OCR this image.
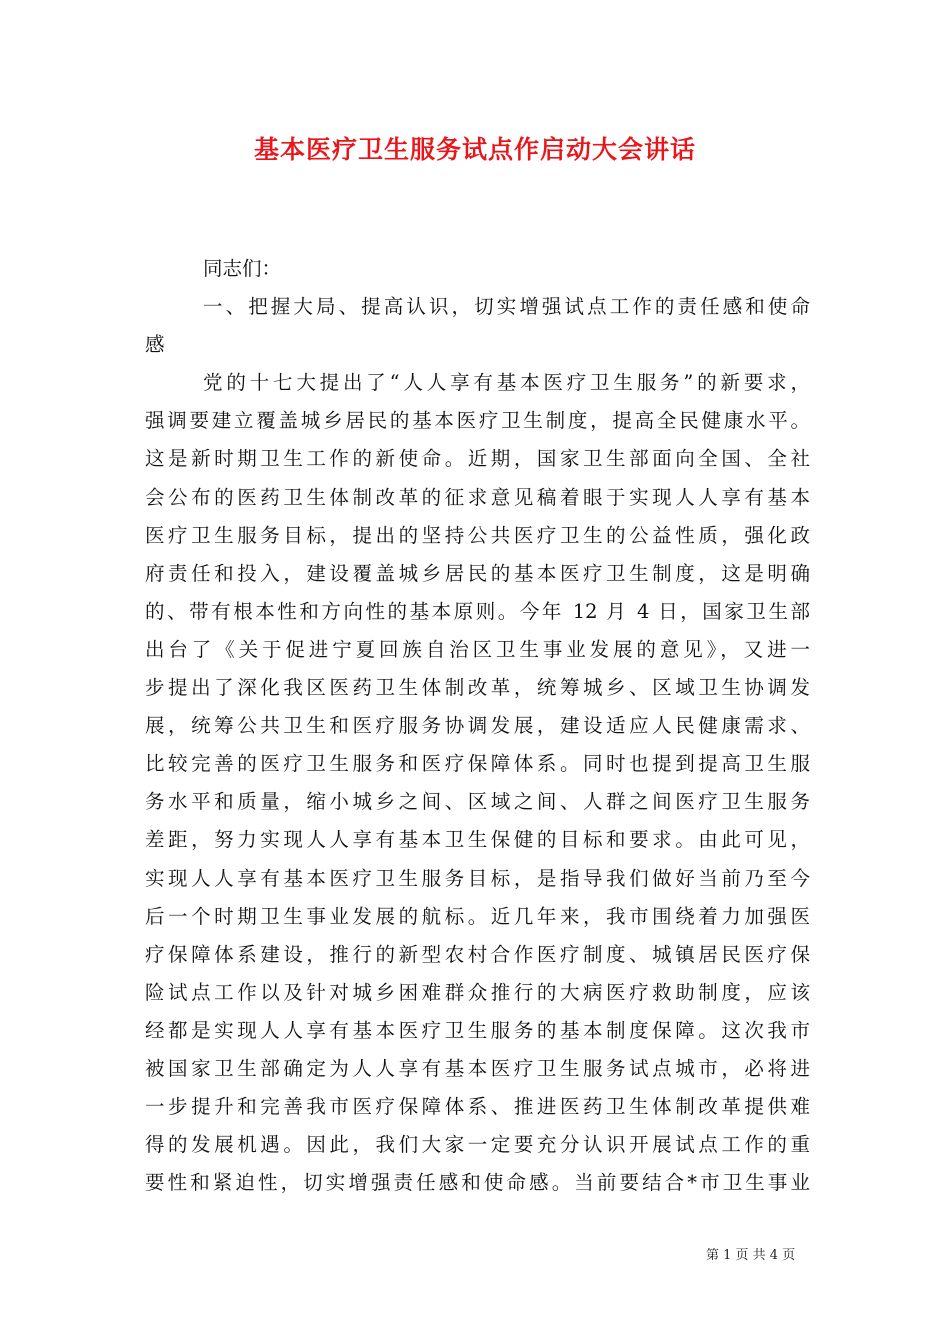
基本医疗卫生服务试点作启动大会讲话
同志们：
一、把握大局、提高认识，切实增强试点工作的责任感和使命
感
党的十七大提出了“人人享有基本医疗卫生服务”的新要求，
强调要建立覆盖城乡居民的基本医疗卫生制度，提高全民健康水平。
这是新时期卫生工作的新使命。近期，国家卫生部面向全国、全社
会公布的医药卫生体制改革的征求意见稿着眼于实现人人享有基本
医疗卫生服务目标，提出的坚持公共医疗卫生的公益性质，强化政
府责任和投入，建设覆盖城乡居民的基本医疗卫生制度，这是明确
的、带有根本性和方向性的基本原则。今年 12 月 4 日，国家卫生部
出台了《关于促进宁夏回族自治区卫生事业发展的意见》，又进一
步提出了深化我区医药卫生体制改革，统筹城乡、区域卫生协调发
展，统筹公共卫生和医疗服务协调发展，建设适应人民健康需求、
比较完善的医疗卫生服务和医疗保障体系。同时也提到提高卫生服
务水平和质量，缩小城乡之间、区域之间、人群之间医疗卫生服务
差距，努力实现人人享有基本卫生保健的目标和要求。由此可见，
实现人人享有基本医疗卫生服务目标，是指导我们做好当前乃至今
后一个时期卫生事业发展的航标。近几年来，我市围绕着力加强医
疗保障体系建设，推行的新型农村合作医疗制度、城镇居民医疗保
险试点工作以及针对城乡困难群众推行的大病医疗救助制度，应该
经都是实现人人享有基本医疗卫生服务的基本制度保障。这次我市
被国家卫生部确定为人人享有基本医疗卫生服务试点城市，必将进
一步提升和完善我市医疗保障体系、推进医药卫生体制改革提供难
得的发展机遇。因此，我们大家一定要充分认识开展试点工作的重
要性和紧迫性，切实增强责任感和使命感。当前要结合*市卫生事业
第 1 页 共 4 页
